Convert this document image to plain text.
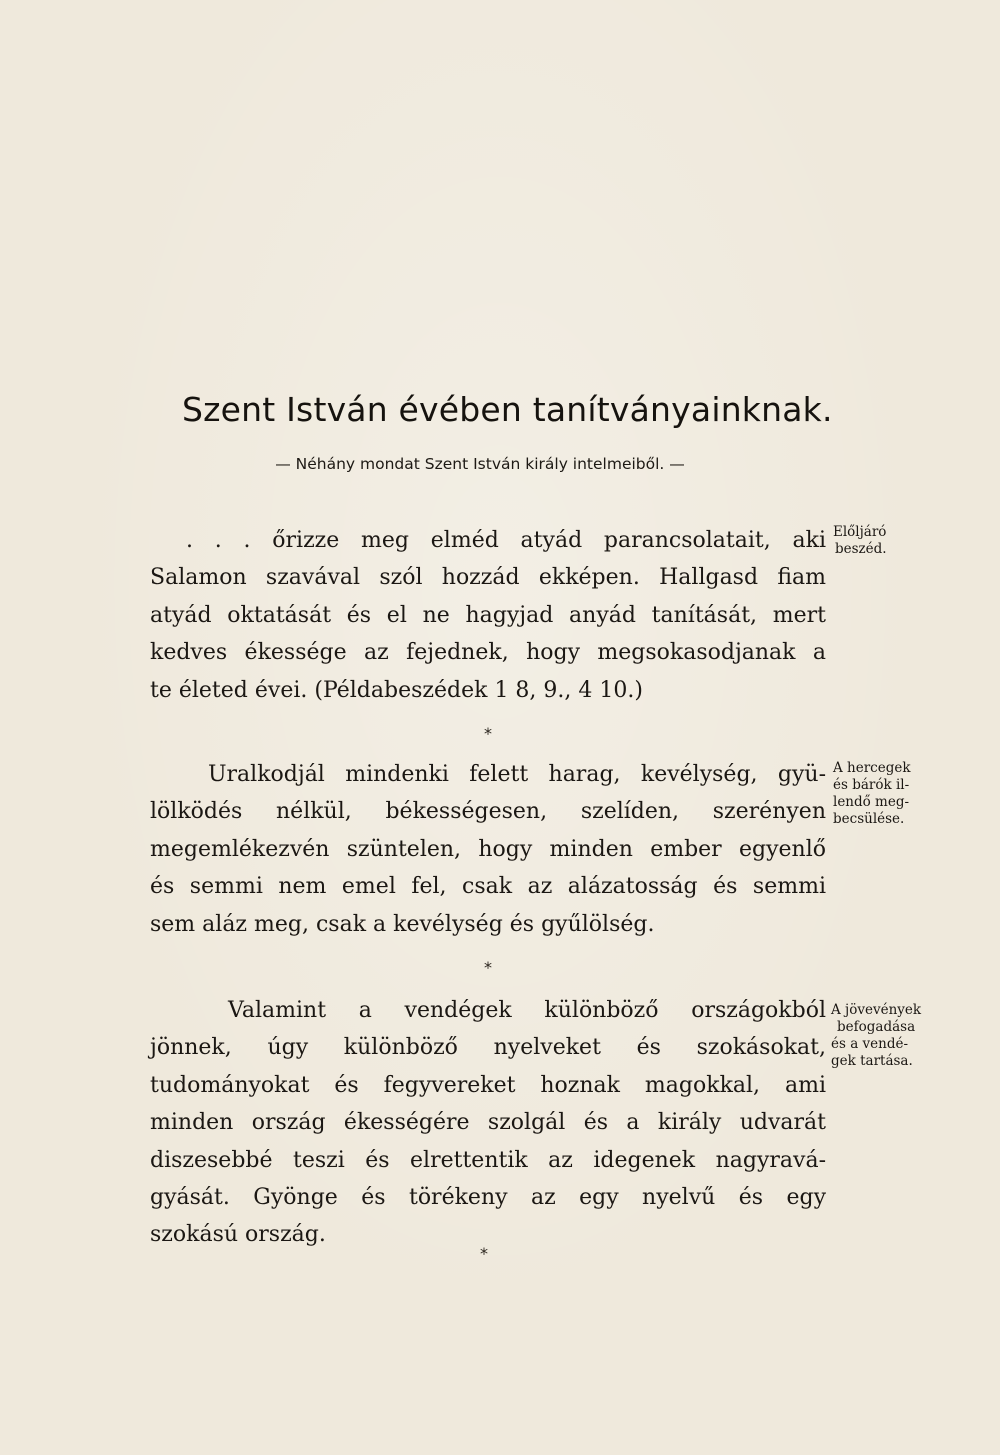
Szent István évében tanítványainknak.
— Néhány mondat Szent István király intelmeiből. —
. . . őrizze meg elméd atyád parancsolatait, aki
Salamon szavával szól hozzád ekképen. Hallgasd fiam
atyád oktatását és el ne hagyjad anyád tanítását, mert
kedves ékessége az fejednek, hogy megsokasodjanak a
te életed évei. (Példabeszédek 1 8, 9., 4 10.)
Előljáró
beszéd.
*
Uralkodjál mindenki felett harag, kevélység, gyü-
lölködés nélkül, békességesen, szelíden, szerényen
megemlékezvén szüntelen, hogy minden ember egyenlő
és semmi nem emel fel, csak az alázatosság és semmi
sem aláz meg, csak a kevélység és gyűlölség.
A hercegek
és bárók il-
lendő meg-
becsülése.
*
Valamint a vendégek különböző országokból
jönnek, úgy különböző nyelveket és szokásokat,
tudományokat és fegyvereket hoznak magokkal, ami
minden ország ékességére szolgál és a király udvarát
diszesebbé teszi és elrettentik az idegenek nagyravá-
gyását. Gyönge és törékeny az egy nyelvű és egy
szokású ország.
A jövevények
befogadása
és a vendé-
gek tartása.
*
